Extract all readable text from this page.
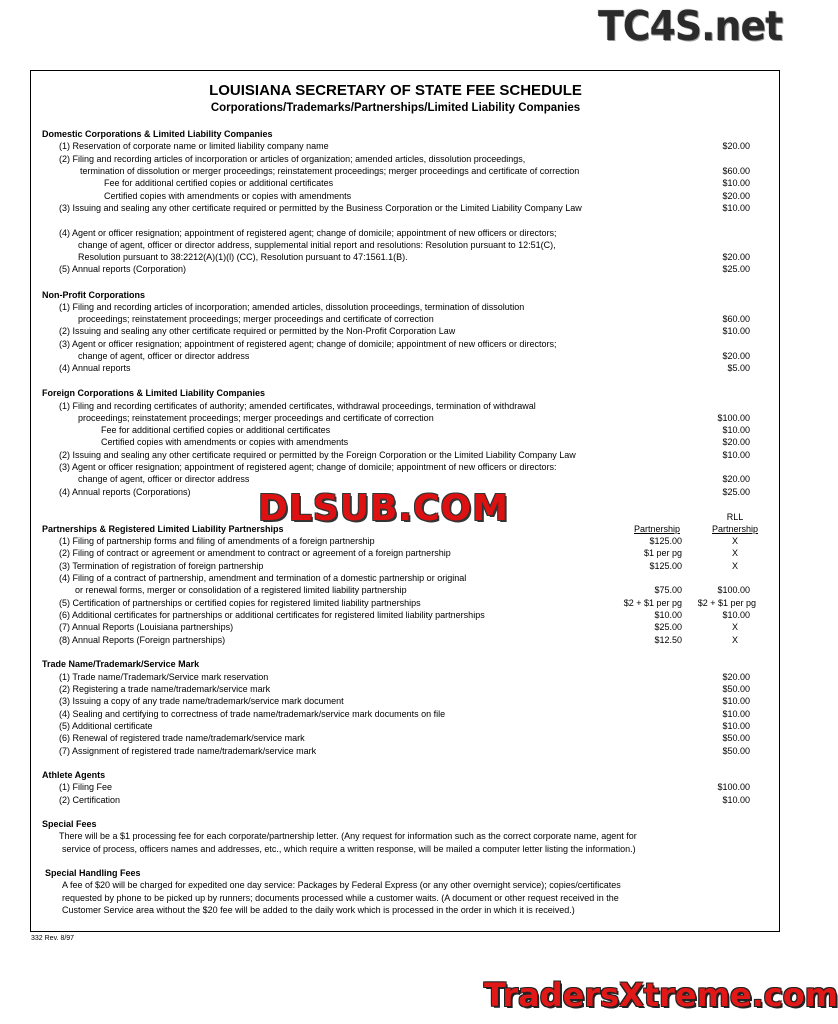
TC4S.net
LOUISIANA SECRETARY OF STATE FEE SCHEDULE
Corporations/Trademarks/Partnerships/Limited Liability Companies
Domestic Corporations & Limited Liability Companies
(1) Reservation of corporate name or limited liability company name	$20.00
(2) Filing and recording articles of incorporation or articles of organization; amended articles, dissolution proceedings,
termination of dissolution or merger proceedings; reinstatement proceedings; merger proceedings and certificate of correction	$60.00
Fee for additional certified copies or additional certificates	$10.00
Certified copies with amendments or copies with amendments	$20.00
(3) Issuing and sealing any other certificate required or permitted by the Business Corporation or the Limited Liability Company Law	$10.00
(4) Agent or officer resignation; appointment of registered agent; change of domicile; appointment of new officers or directors;
change of agent, officer or director address, supplemental initial report and resolutions: Resolution pursuant to 12:51(C),
Resolution pursuant to 38:2212(A)(1)(l) (CC), Resolution pursuant to 47:1561.1(B).	$20.00
(5) Annual reports (Corporation)	$25.00
Non-Profit Corporations
(1) Filing and recording articles of incorporation; amended articles, dissolution proceedings, termination of dissolution
proceedings; reinstatement proceedings; merger proceedings and certificate of correction	$60.00
(2) Issuing and sealing any other certificate required or permitted by the Non-Profit Corporation Law	$10.00
(3) Agent or officer resignation; appointment of registered agent; change of domicile; appointment of new officers or directors;
change of agent, officer or director address	$20.00
(4) Annual reports	$5.00
Foreign Corporations & Limited Liability Companies
(1) Filing and recording certificates of authority; amended certificates, withdrawal proceedings, termination of withdrawal
proceedings; reinstatement proceedings; merger proceedings and certificate of correction	$100.00
Fee for additional certified copies or additional certificates	$10.00
Certified copies with amendments or copies with amendments	$20.00
(2) Issuing and sealing any other certificate required or permitted by the Foreign Corporation or the Limited Liability Company Law	$10.00
(3) Agent or officer resignation; appointment of registered agent; change of domicile; appointment of new officers or directors:
change of agent, officer or director address	$20.00
(4) Annual reports (Corporations)	$25.00
Partnerships & Registered Limited Liability Partnerships
RLL
Partnership	Partnership
(1) Filing of partnership forms and filing of amendments of a foreign partnership	$125.00	X
(2) Filing of contract or agreement or amendment to contract or agreement of a foreign partnership	$1 per pg	X
(3) Termination of registration of foreign partnership	$125.00	X
(4) Filing of a contract of partnership, amendment and termination of a domestic partnership or original
or renewal forms, merger or consolidation of a registered limited liability partnership	$75.00	$100.00
(5) Certification of partnerships or certified copies for registered limited liability partnerships	$2 + $1 per pg	$2 + $1 per pg
(6) Additional certificates for partnerships or additional certificates for registered limited liability partnerships	$10.00	$10.00
(7) Annual Reports (Louisiana partnerships)	$25.00	X
(8) Annual Reports (Foreign partnerships)	$12.50	X
Trade Name/Trademark/Service Mark
(1) Trade name/Trademark/Service mark reservation	$20.00
(2) Registering a trade name/trademark/service mark	$50.00
(3) Issuing a copy of any trade name/trademark/service mark document	$10.00
(4) Sealing and certifying to correctness of trade name/trademark/service mark documents on file	$10.00
(5) Additional certificate	$10.00
(6) Renewal of registered trade name/trademark/service mark	$50.00
(7) Assignment of registered trade name/trademark/service mark	$50.00
Athlete Agents
(1) Filing Fee	$100.00
(2) Certification	$10.00
Special Fees
There will be a $1 processing fee for each corporate/partnership letter. (Any request for information such as the correct corporate name, agent for
service of process, officers names and addresses, etc., which require a written response, will be mailed a computer letter listing the information.)
Special Handling Fees
A fee of $20 will be charged for expedited one day service: Packages by Federal Express (or any other overnight service); copies/certificates
requested by phone to be picked up by runners; documents processed while a customer waits. (A document or other request received in the
Customer Service area without the $20 fee will be added to the daily work which is processed in the order in which it is received.)
332 Rev. 8/97
DLSUB.COM
TradersXtreme.com
